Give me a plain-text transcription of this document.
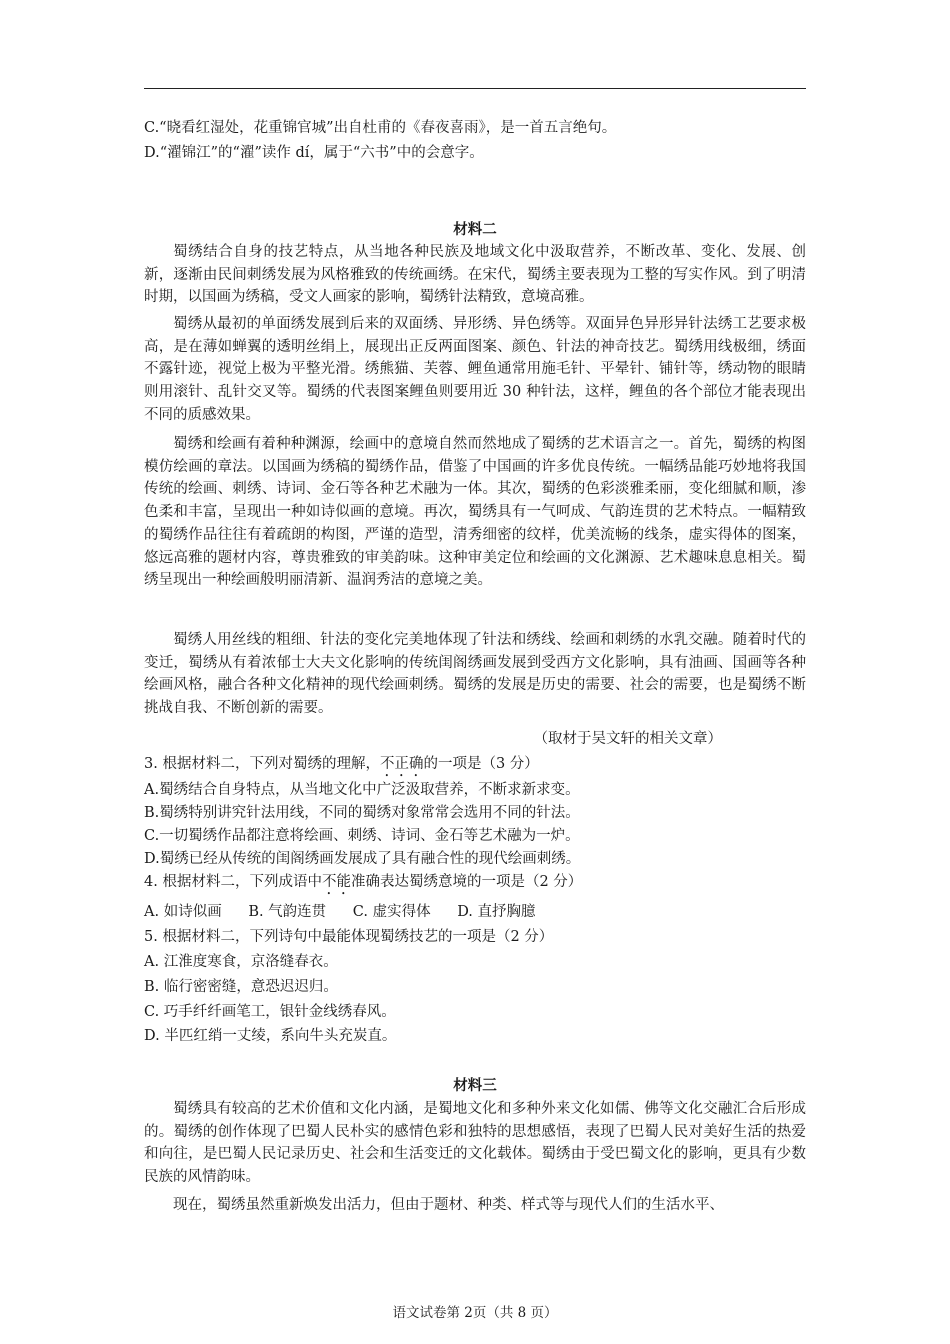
C.“晓看红湿处，花重锦官城”出自杜甫的《春夜喜雨》，是一首五言绝句。
D.“濯锦江”的“濯”读作 dí，属于“六书”中的会意字。
材料二
蜀绣结合自身的技艺特点，从当地各种民族及地域文化中汲取营养，不断改革、变化、发展、创新，逐渐由民间刺绣发展为风格雅致的传统画绣。在宋代，蜀绣主要表现为工整的写实作风。到了明清时期，以国画为绣稿，受文人画家的影响，蜀绣针法精致，意境高雅。
蜀绣从最初的单面绣发展到后来的双面绣、异形绣、异色绣等。双面异色异形异针法绣工艺要求极高，是在薄如蝉翼的透明丝绢上，展现出正反两面图案、颜色、针法的神奇技艺。蜀绣用线极细，绣面不露针迹，视觉上极为平整光滑。绣熊猫、芙蓉、鲤鱼通常用施毛针、平晕针、铺针等，绣动物的眼睛则用滚针、乱针交叉等。蜀绣的代表图案鲤鱼则要用近 30 种针法，这样，鲤鱼的各个部位才能表现出不同的质感效果。
蜀绣和绘画有着种种渊源，绘画中的意境自然而然地成了蜀绣的艺术语言之一。首先，蜀绣的构图模仿绘画的章法。以国画为绣稿的蜀绣作品，借鉴了中国画的许多优良传统。一幅绣品能巧妙地将我国传统的绘画、刺绣、诗词、金石等各种艺术融为一体。其次，蜀绣的色彩淡雅柔丽，变化细腻和顺，渗色柔和丰富，呈现出一种如诗似画的意境。再次，蜀绣具有一气呵成、气韵连贯的艺术特点。一幅精致的蜀绣作品往往有着疏朗的构图，严谨的造型，清秀细密的纹样，优美流畅的线条，虚实得体的图案，悠远高雅的题材内容，尊贵雅致的审美韵味。这种审美定位和绘画的文化渊源、艺术趣味息息相关。蜀绣呈现出一种绘画般明丽清新、温润秀洁的意境之美。
蜀绣人用丝线的粗细、针法的变化完美地体现了针法和绣线、绘画和刺绣的水乳交融。随着时代的变迁，蜀绣从有着浓郁士大夫文化影响的传统闺阁绣画发展到受西方文化影响，具有油画、国画等各种绘画风格，融合各种文化精神的现代绘画刺绣。蜀绣的发展是历史的需要、社会的需要，也是蜀绣不断挑战自我、不断创新的需要。
（取材于吴文轩的相关文章）
3. 根据材料二，下列对蜀绣的理解，不正确的一项是（3 分）
A.蜀绣结合自身特点，从当地文化中广泛汲取营养，不断求新求变。
B.蜀绣特别讲究针法用线，不同的蜀绣对象常常会选用不同的针法。
C.一切蜀绣作品都注意将绘画、刺绣、诗词、金石等艺术融为一炉。
D.蜀绣已经从传统的闺阁绣画发展成了具有融合性的现代绘画刺绣。
4. 根据材料二，下列成语中不能准确表达蜀绣意境的一项是（2 分）
A. 如诗似画 B. 气韵连贯 C. 虚实得体 D. 直抒胸臆
5. 根据材料二，下列诗句中最能体现蜀绣技艺的一项是（2 分）
A. 江淮度寒食，京洛缝春衣。
B. 临行密密缝，意恐迟迟归。
C. 巧手纤纤画笔工，银针金线绣春风。
D. 半匹红绡一丈绫，系向牛头充炭直。
材料三
蜀绣具有较高的艺术价值和文化内涵，是蜀地文化和多种外来文化如儒、佛等文化交融汇合后形成的。蜀绣的创作体现了巴蜀人民朴实的感情色彩和独特的思想感悟，表现了巴蜀人民对美好生活的热爱和向往，是巴蜀人民记录历史、社会和生活变迁的文化载体。蜀绣由于受巴蜀文化的影响，更具有少数民族的风情韵味。
现在，蜀绣虽然重新焕发出活力，但由于题材、种类、样式等与现代人们的生活水平、
语文试卷第 2页（共 8 页）
